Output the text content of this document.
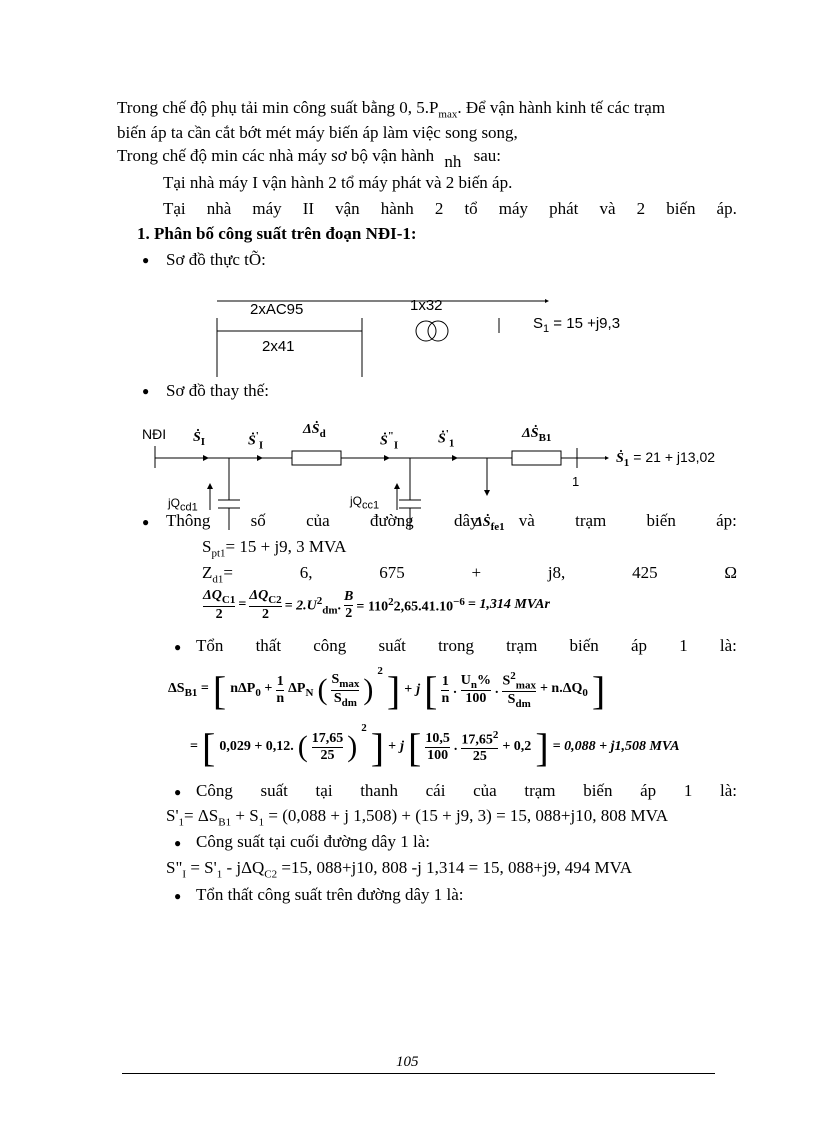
Trong chế độ phụ tải min công suất bằng 0, $5.P_{max}$. Để vận hành kinh tế các trạm
biến áp ta cần cắt bớt mét máy biến áp làm việc song song,
Trong chế độ min các nhà máy sơ bộ vận hành nh sau:
Tại nhà máy I vận hành 2 tổ máy phát và 2 biến áp.
Tại nhà máy II vận hành 2 tổ máy phát và 2 biến áp.
1. Phân bố công suất trên đoạn NĐI-1:
● Sơ đồ thực tÕ:
2xAC95
2x41
1x32
$S_1 = 15 +j9,3$
● Sơ đồ thay thế:
NĐI Ṡ$_I$	Ṡ'$_I$
ΔṠ$_d$	Ṡ"$_I$	Ṡ'$_1$
ΔṠ$_{B1}$
Ṡ$_1$ = 21 + j13,02
1
$jQ_{cd1}$	$jQ_{cc1}$
ΔṠ$_{fe1}$
● Thông số của đường dây và trạm biến áp:
$S_{pt1}= 15 + j9$, 3 MVA
$Z_{d1}=$	6,	675	+	j8,	425	Ω
$\Delta Q_{C1}$
2
=
$\Delta Q_{C2}$
2
= $2.U^2_{dm}$. $\frac{B}{2} = 110^22,65.41.10^{-6} = 1,314$ MVAr
● Tổn thất công suất trong trạm biến áp 1 là:
$\Delta S_{B1}$ = [ $n\Delta P_0 + \frac{1}{n} \Delta P_N$ ( $S_{max}$
$S_{dm}$ )
$^2$ ] + j [ 1
n
.
$U_n\%$
100
.
$S^2_{max}$
$S_{dm}$
+ $n.\Delta Q_0$ ]
= [ 0,029 + 0,12. ( 17,65
25 )
$^2$ ] + j [ 10,5
100
. 17,65$^2$
25
+ 0,2 ] = 0,088 + j1,508 MVA
● Công suất tại thanh cái của trạm biến áp 1 là:
$S'_1= \Delta S_{B1} + S_1 = (0,088 + j$ 1,508) + (15 + j9, 3) = 15, 088+j10, 808 MVA
● Công suất tại cuối đường dây 1 là:
$S"_I = S'_1 - j\Delta Q_{C2} =15$, 088+j10, 808 -j 1,314 = 15, 088+j9, 494 MVA
● Tổn thất công suất trên đường dây 1 là:
105
